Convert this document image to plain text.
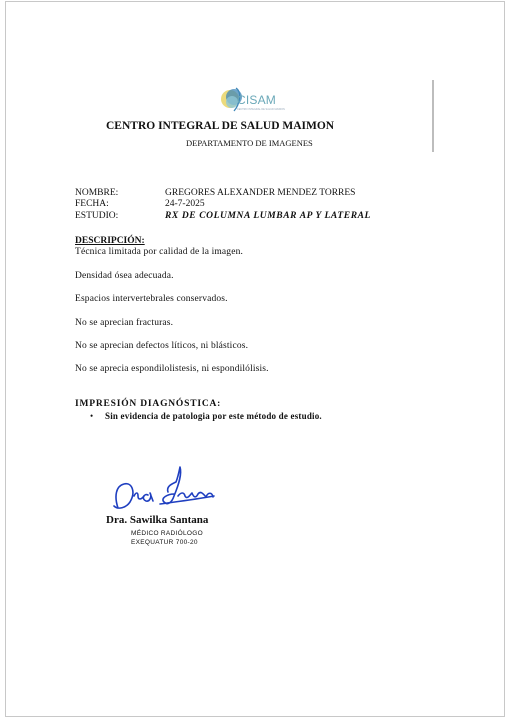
CISAM
CENTRO INTEGRAL DE SALUD MAIMON
CENTRO INTEGRAL DE SALUD MAIMON
DEPARTAMENTO DE IMAGENES
NOMBRE:	GREGORES ALEXANDER MENDEZ TORRES
FECHA:	24-7-2025
ESTUDIO:	RX DE COLUMNA LUMBAR AP Y LATERAL
DESCRIPCIÓN:
Técnica limitada por calidad de la imagen.
Densidad ósea adecuada.
Espacios intervertebrales conservados.
No se aprecian fracturas.
No se aprecian defectos líticos, ni blásticos.
No se aprecia espondilolistesis, ni espondilólisis.
IMPRESIÓN DIAGNÓSTICA:
• Sin evidencia de patologia por este método de estudio.
Dra. Sawilka Santana
MÉDICO RADIÓLOGO
EXEQUATUR 700-20
